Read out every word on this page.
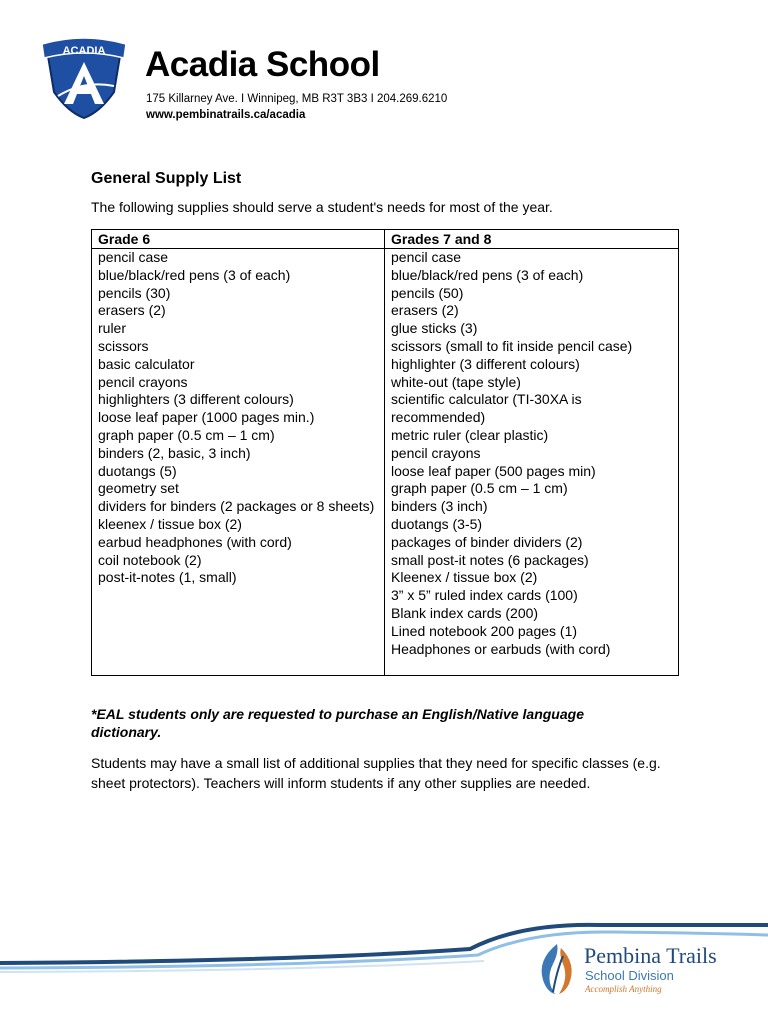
ACADIA Acadia School
175 Killarney Ave. I Winnipeg, MB R3T 3B3 I 204.269.6210
www.pembinatrails.ca/acadia
General Supply List
The following supplies should serve a student's needs for most of the year.
Grade 6	Grades 7 and 8
pencil case
blue/black/red pens (3 of each)
pencils (30)
erasers (2)
ruler
scissors
basic calculator
pencil crayons
highlighters (3 different colours)
loose leaf paper (1000 pages min.)
graph paper (0.5 cm – 1 cm)
binders (2, basic, 3 inch)
duotangs (5)
geometry set
dividers for binders (2 packages or 8 sheets)
kleenex / tissue box (2)
earbud headphones (with cord)
coil notebook (2)
post-it-notes (1, small)
pencil case
blue/black/red pens (3 of each)
pencils (50)
erasers (2)
glue sticks (3)
scissors (small to fit inside pencil case)
highlighter (3 different colours)
white-out (tape style)
scientific calculator (TI-30XA is recommended)
metric ruler (clear plastic)
pencil crayons
loose leaf paper (500 pages min)
graph paper (0.5 cm – 1 cm)
binders (3 inch)
duotangs (3-5)
packages of binder dividers (2)
small post-it notes (6 packages)
Kleenex / tissue box (2)
3” x 5” ruled index cards (100)
Blank index cards (200)
Lined notebook 200 pages (1)
Headphones or earbuds (with cord)
*EAL students only are requested to purchase an English/Native language dictionary.
Students may have a small list of additional supplies that they need for specific classes (e.g. sheet protectors). Teachers will inform students if any other supplies are needed.
Pembina Trails
School Division
Accomplish Anything
